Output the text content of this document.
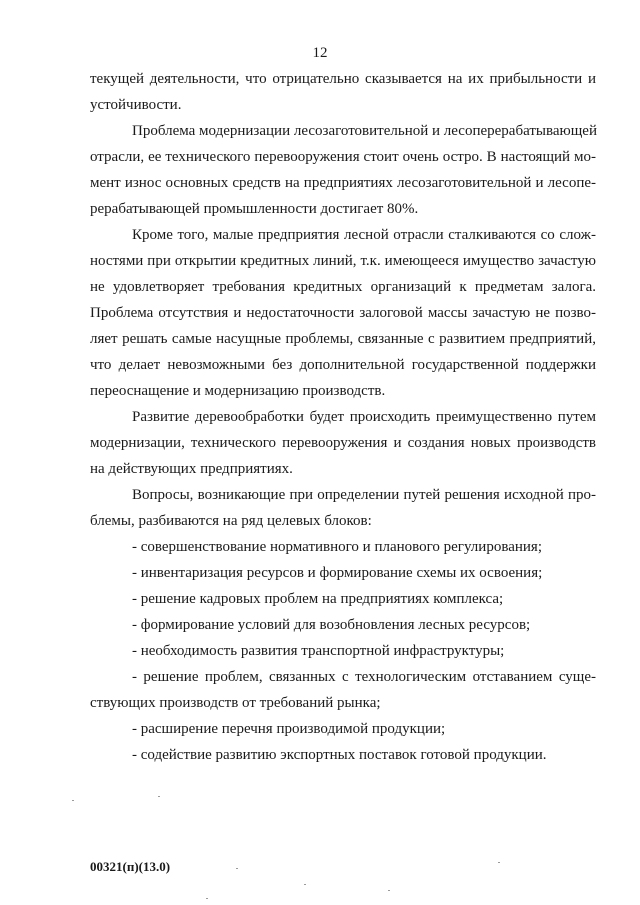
12
текущей деятельности, что отрицательно сказывается на их прибыльности и
устойчивости.
Проблема модернизации лесозаготовительной и лесоперерабатывающей
отрасли, ее технического перевооружения стоит очень остро. В настоящий мо-
мент износ основных средств на предприятиях лесозаготовительной и лесопе-
рерабатывающей промышленности достигает 80%.
Кроме того, малые предприятия лесной отрасли сталкиваются со слож-
ностями при открытии кредитных линий, т.к. имеющееся имущество зачастую
не удовлетворяет требования кредитных организаций к предметам залога.
Проблема отсутствия и недостаточности залоговой массы зачастую не позво-
ляет решать самые насущные проблемы, связанные с развитием предприятий,
что делает невозможными без дополнительной государственной поддержки
переоснащение и модернизацию производств.
Развитие деревообработки будет происходить преимущественно путем
модернизации, технического перевооружения и создания новых производств
на действующих предприятиях.
Вопросы, возникающие при определении путей решения исходной про-
блемы, разбиваются на ряд целевых блоков:
- совершенствование нормативного и планового регулирования;
- инвентаризация ресурсов и формирование схемы их освоения;
- решение кадровых проблем на предприятиях комплекса;
- формирование условий для возобновления лесных ресурсов;
- необходимость развития транспортной инфраструктуры;
- решение проблем, связанных с технологическим отставанием суще-
ствующих производств от требований рынка;
- расширение перечня производимой продукции;
- содействие развитию экспортных поставок готовой продукции.
00321(п)(13.0)
